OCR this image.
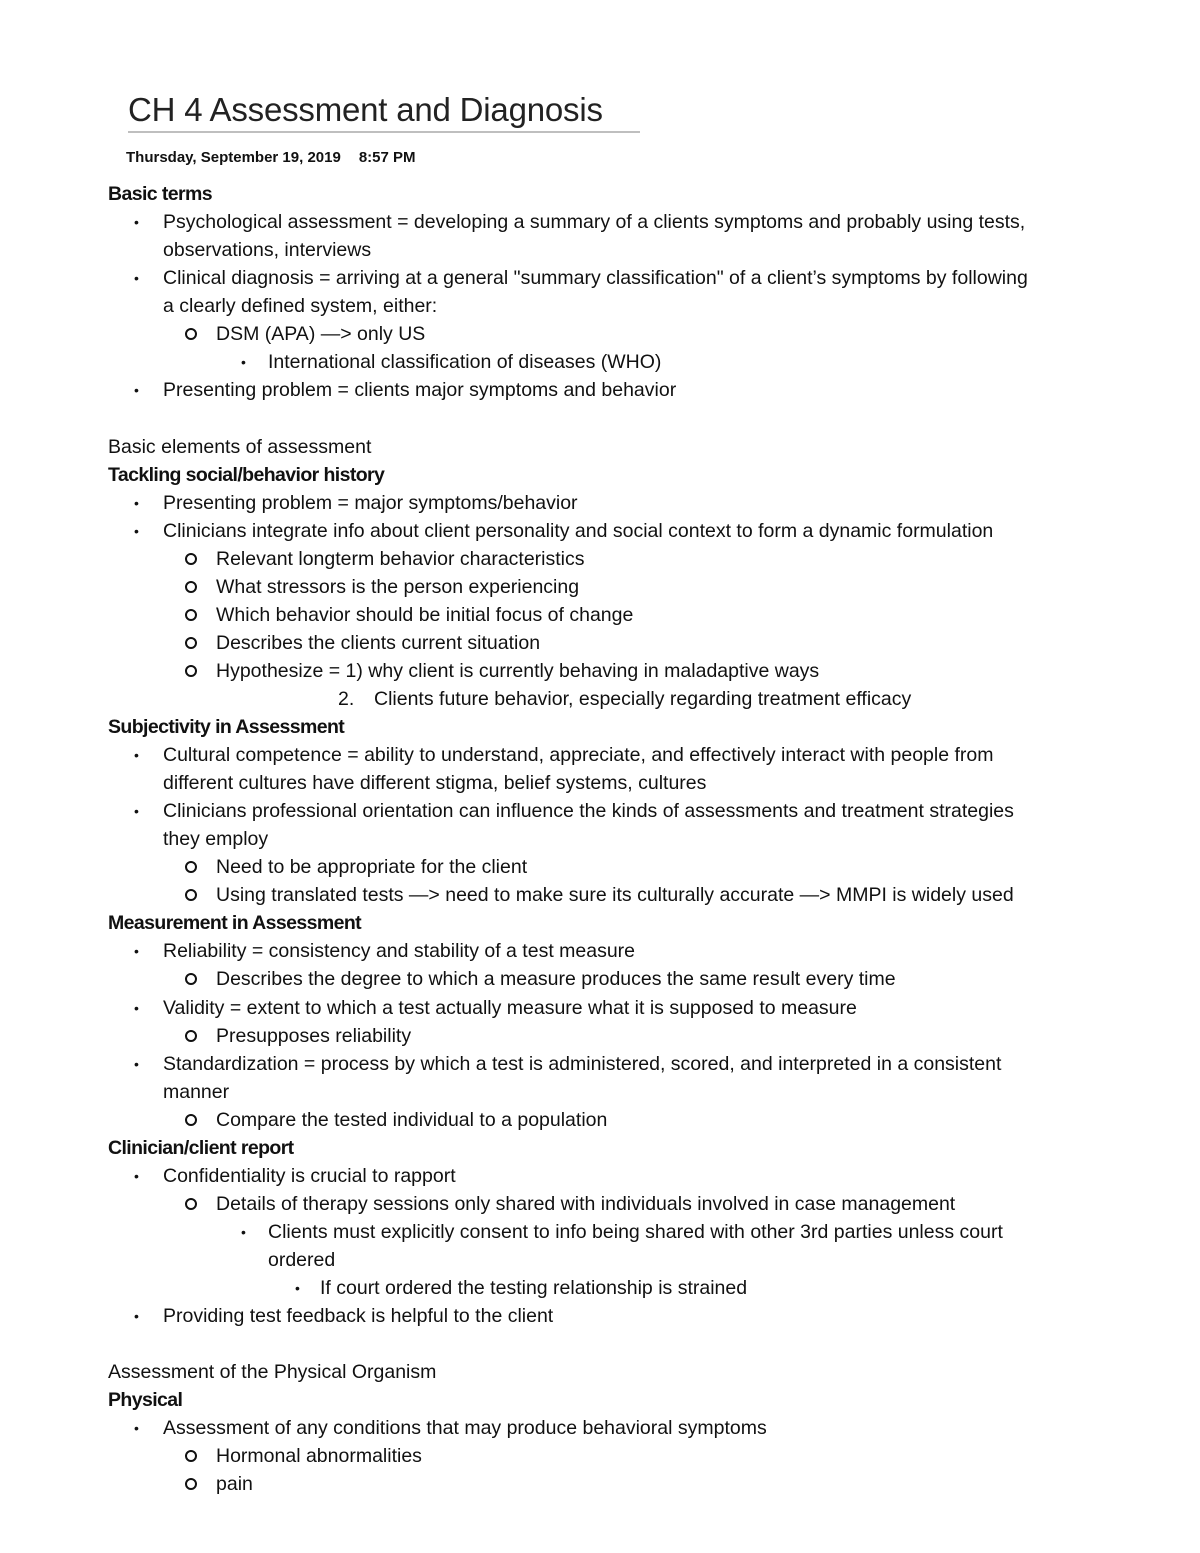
CH 4 Assessment and Diagnosis
Thursday, September 19, 2019 8:57 PM
Basic terms
• Psychological assessment = developing a summary of a clients symptoms and probably using tests,
observations, interviews
• Clinical diagnosis = arriving at a general "summary classification" of a client’s symptoms by following
a clearly defined system, either:
DSM (APA) —> only US
• International classification of diseases (WHO)
• Presenting problem = clients major symptoms and behavior
Basic elements of assessment
Tackling social/behavior history
• Presenting problem = major symptoms/behavior
• Clinicians integrate info about client personality and social context to form a dynamic formulation
Relevant longterm behavior characteristics
What stressors is the person experiencing
Which behavior should be initial focus of change
Describes the clients current situation
Hypothesize = 1) why client is currently behaving in maladaptive ways
2. Clients future behavior, especially regarding treatment efficacy
Subjectivity in Assessment
• Cultural competence = ability to understand, appreciate, and effectively interact with people from
different cultures have different stigma, belief systems, cultures
• Clinicians professional orientation can influence the kinds of assessments and treatment strategies
they employ
Need to be appropriate for the client
Using translated tests —> need to make sure its culturally accurate —> MMPI is widely used
Measurement in Assessment
• Reliability = consistency and stability of a test measure
Describes the degree to which a measure produces the same result every time
• Validity = extent to which a test actually measure what it is supposed to measure
Presupposes reliability
• Standardization = process by which a test is administered, scored, and interpreted in a consistent
manner
Compare the tested individual to a population
Clinician/client report
• Confidentiality is crucial to rapport
Details of therapy sessions only shared with individuals involved in case management
• Clients must explicitly consent to info being shared with other 3rd parties unless court
ordered
• If court ordered the testing relationship is strained
• Providing test feedback is helpful to the client
Assessment of the Physical Organism
Physical
• Assessment of any conditions that may produce behavioral symptoms
Hormonal abnormalities
pain
